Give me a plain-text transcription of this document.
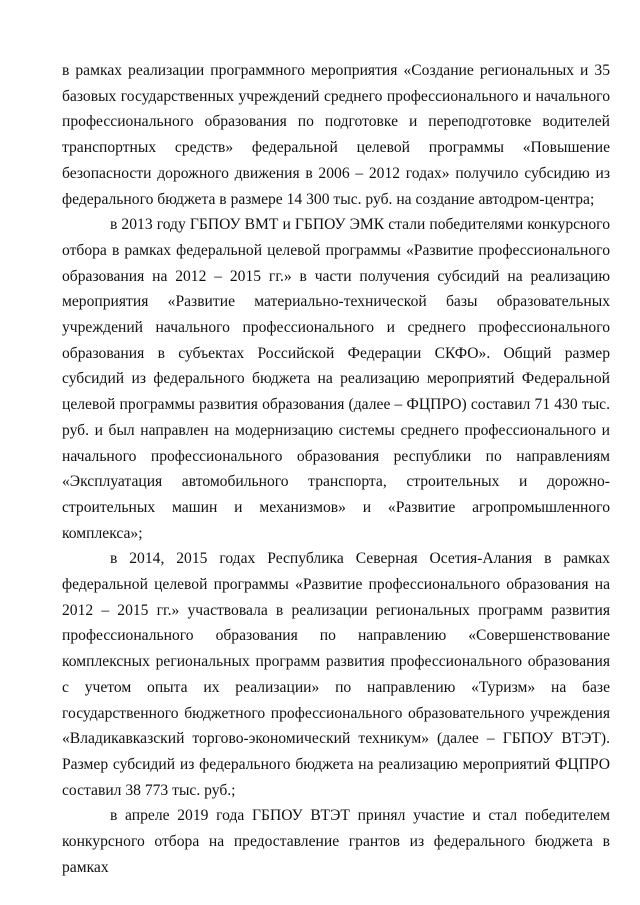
в рамках реализации программного мероприятия «Создание региональных и 35 базовых государственных учреждений среднего профессионального и начального профессионального образования по подготовке и переподготовке водителей транспортных средств» федеральной целевой программы «Повышение безопасности дорожного движения в 2006 – 2012 годах» получило субсидию из федерального бюджета в размере 14 300 тыс. руб. на создание автодром-центра;

в 2013 году ГБПОУ ВМТ и ГБПОУ ЭМК стали победителями конкурсного отбора в рамках федеральной целевой программы «Развитие профессионального образования на 2012 – 2015 гг.» в части получения субсидий на реализацию мероприятия «Развитие материально-технической базы образовательных учреждений начального профессионального и среднего профессионального образования в субъектах Российской Федерации СКФО». Общий размер субсидий из федерального бюджета на реализацию мероприятий Федеральной целевой программы развития образования (далее – ФЦПРО) составил 71 430 тыс. руб. и был направлен на модернизацию системы среднего профессионального и начального профессионального образования республики по направлениям «Эксплуатация автомобильного транспорта, строительных и дорожно-строительных машин и механизмов» и «Развитие агропромышленного комплекса»;

в 2014, 2015 годах Республика Северная Осетия-Алания в рамках федеральной целевой программы «Развитие профессионального образования на 2012 – 2015 гг.» участвовала в реализации региональных программ развития профессионального образования по направлению «Совершенствование комплексных региональных программ развития профессионального образования с учетом опыта их реализации» по направлению «Туризм» на базе государственного бюджетного профессионального образовательного учреждения «Владикавказский торгово-экономический техникум» (далее – ГБПОУ ВТЭТ). Размер субсидий из федерального бюджета на реализацию мероприятий ФЦПРО составил 38 773 тыс. руб.;

в апреле 2019 года ГБПОУ ВТЭТ принял участие и стал победителем конкурсного отбора на предоставление грантов из федерального бюджета в рамках
